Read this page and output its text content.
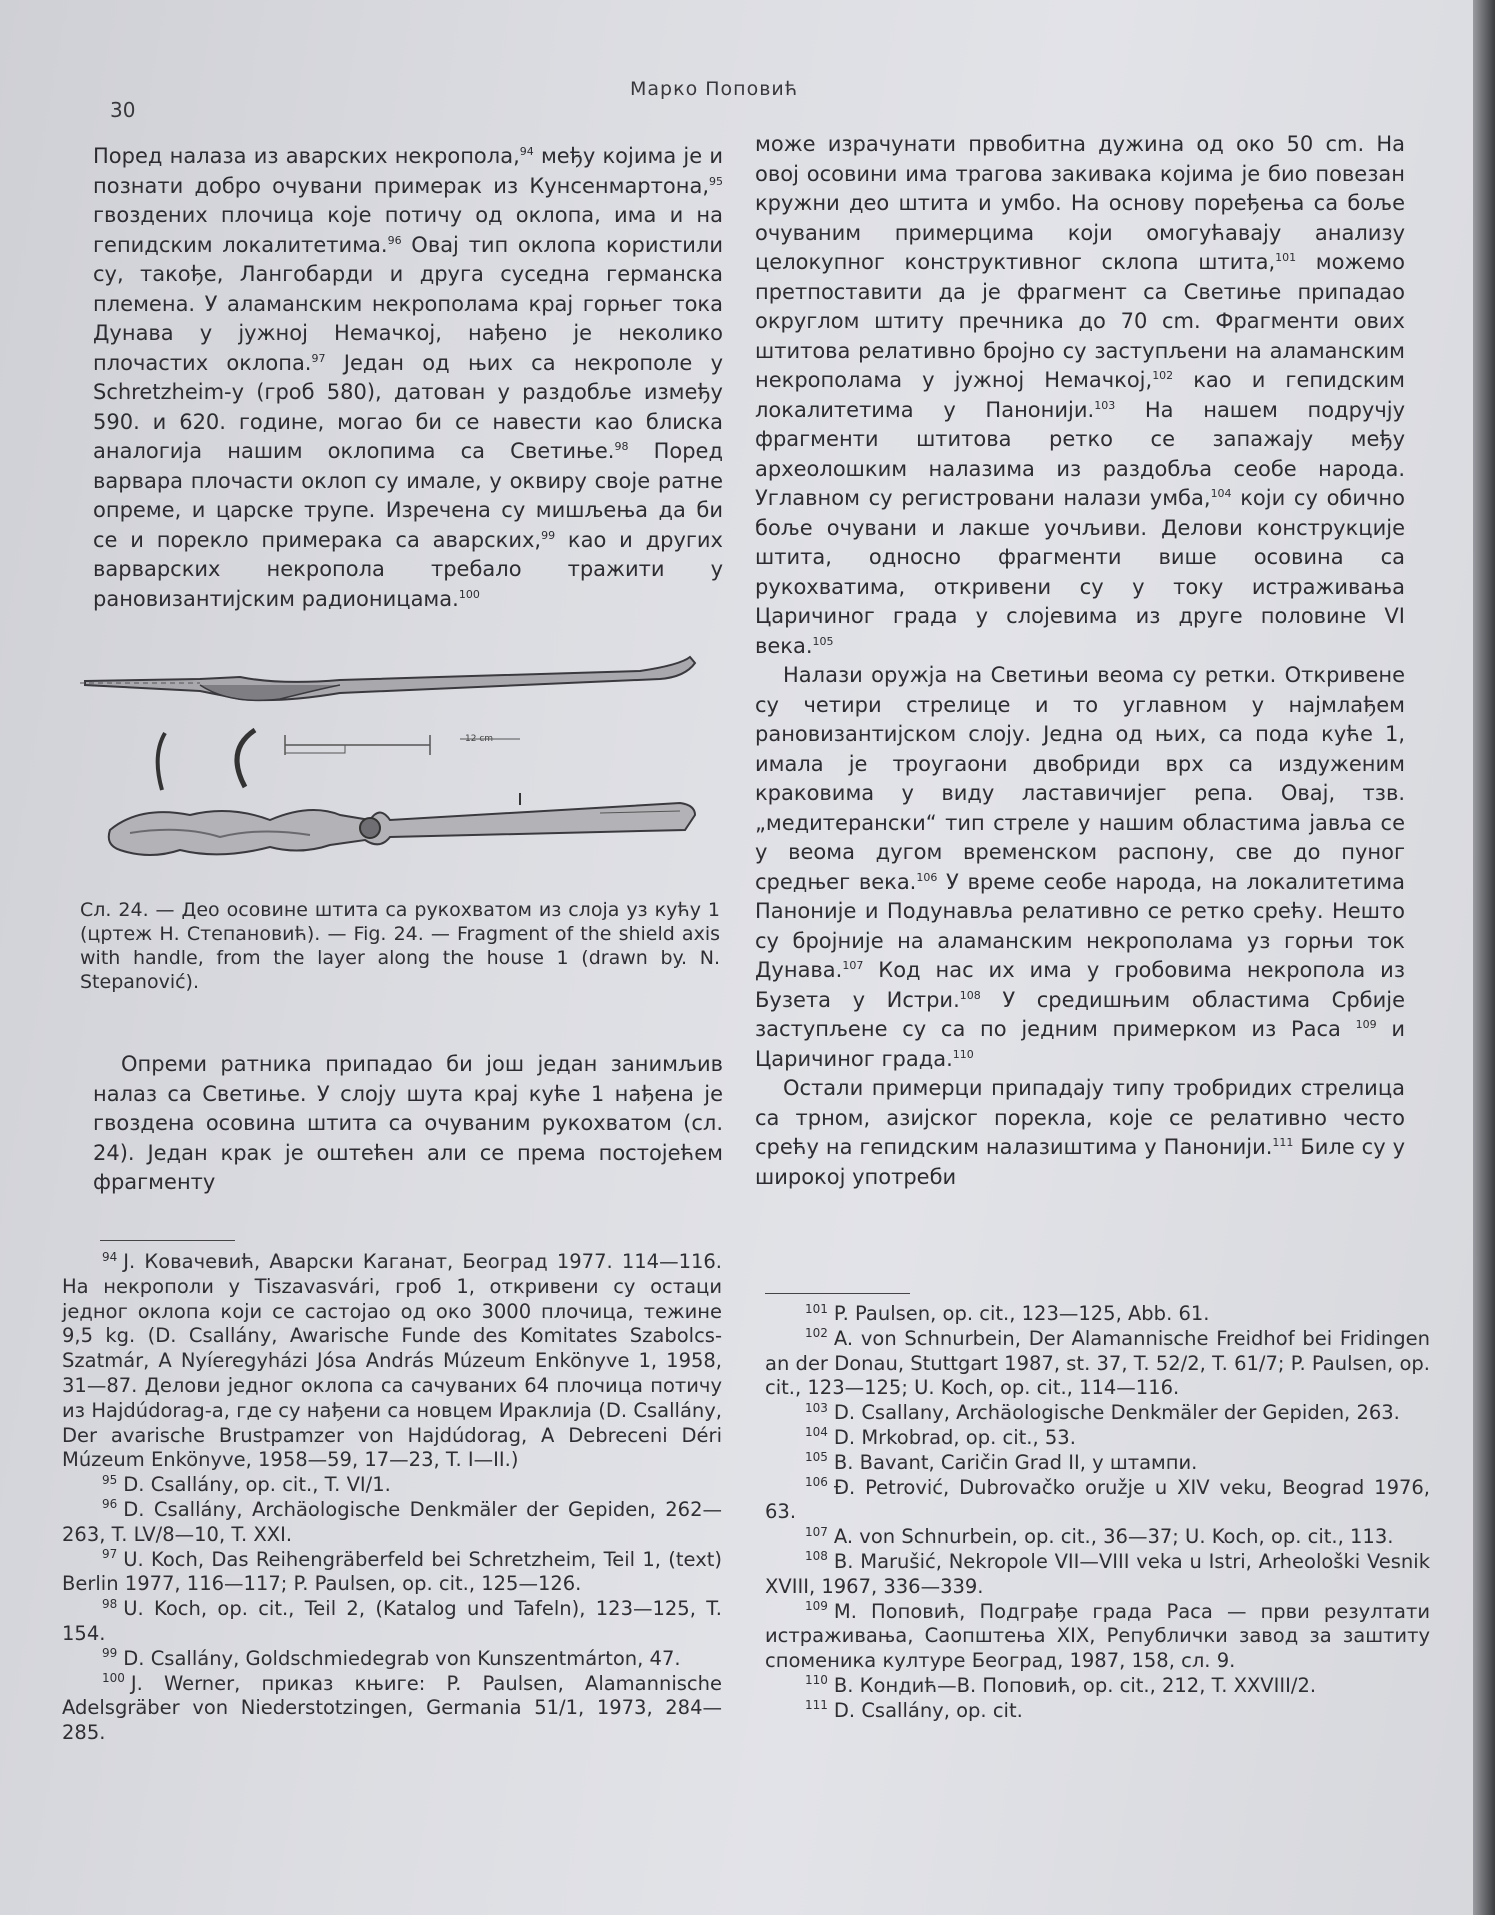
Марко Поповић
30

Поред налаза из аварских некропола,$^{94}$ међу којима је и познати добро очувани примерак из Кунсенмартона,$^{95}$ гвоздених плочица које потичу од оклопа, има и на гепидским локалитетима.$^{96}$ Овај тип оклопа користили су, такође, Лангобарди и друга суседна германска племена. У аламанским некрополама крај горњег тока Дунава у јужној Немачкој, нађено је неколико плочастих оклопа.$^{97}$ Један од њих са некрополе у Schretzheim-у (гроб 580), датован у раздобље између 590. и 620. године, могао би се навести као блиска аналогија нашим оклопима са Светиње.$^{98}$ Поред варвара плочасти оклоп су имале, у оквиру своје ратне опреме, и царске трупе. Изречена су мишљења да би се и порекло примерака са аварских,$^{99}$ као и других варварских некропола требало тражити у рановизантијским радионицама.$^{100}$

12 cm
Сл. 24. — Део осовине штита са рукохватом из слоја уз кућу 1 (цртеж Н. Степановић). — Fig. 24. — Fragment of the shield axis with handle, from the layer along the house 1 (drawn by. N. Stepanović).

Опреми ратника припадао би још један занимљив налаз са Светиње. У слоју шута крај куће 1 нађена је гвоздена осовина штита са очуваним рукохватом (сл. 24). Један крак је оштећен али се према постојећем фрагменту

може израчунати првобитна дужина од око 50 cm. На овој осовини има трагова закивака којима је био повезан кружни део штита и умбо. На основу поређења са боље очуваним примерцима који омогућавају анализу целокупног конструктивног склопа штита,$^{101}$ можемо претпоставити да је фрагмент са Светиње припадао округлом штиту пречника до 70 cm. Фрагменти ових штитова релативно бројно су заступљени на аламанским некрополама у јужној Немачкој,$^{102}$ као и гепидским локалитетима у Панонији.$^{103}$ На нашем подручју фрагменти штитова ретко се запажају међу археолошким налазима из раздобља сеобе народа. Углавном су регистровани налази умба,$^{104}$ који су обично боље очувани и лакше уочљиви. Делови конструкције штита, односно фрагменти више осовина са рукохватима, откривени су у току истраживања Царичиног града у слојевима из друге половине VI века.$^{105}$

Налази оружја на Светињи веома су ретки. Откривене су четири стрелице и то углавном у најмлађем рановизантијском слоју. Једна од њих, са пода куће 1, имала је троугаони двобриди врх са издуженим краковима у виду ластавичијег репа. Овај, тзв. „медитерански“ тип стреле у нашим областима јавља се у веома дугом временском распону, све до пуног средњег века.$^{106}$ У време сеобе народа, на локалитетима Паноније и Подунавља релативно се ретко срећу. Нешто су бројније на аламанским некрополама уз горњи ток Дунава.$^{107}$ Код нас их има у гробовима некропола из Бузета у Истри.$^{108}$ У средишњим областима Србије заступљене су са по једним примерком из Раса $^{109}$ и Царичиног града.$^{110}$

Остали примерци припадају типу тробридих стрелица са трном, азијског порекла, које се релативно често срећу на гепидским налазиштима у Панонији.$^{111}$ Биле су у широкој употреби

$^{94}$ J. Ковачевић, Аварски Каганат, Београд 1977. 114—116. На некрополи у Tiszavasvári, гроб 1, откривени су остаци једног оклопа који се састојао од око 3000 плочица, тежине 9,5 kg. (D. Csallány, Awarische Funde des Komitates Szabolcs-Szatmár, A Nyíeregyházi Jósa András Múzeum Enkönyve 1, 1958, 31—87. Делови једног оклопа са сачуваних 64 плочица потичу из Hajdúdorag-a, где су нађени са новцем Ираклија (D. Csallány, Der avarische Brustpamzer von Hajdúdorag, A Debreceni Déri Múzeum Enkönyve, 1958—59, 17—23, T. I—II.)

$^{95}$ D. Csallány, op. cit., T. VI/1.

$^{96}$ D. Csallány, Archäologische Denkmäler der Gepiden, 262—263, T. LV/8—10, T. XXI.

$^{97}$ U. Koch, Das Reihengräberfeld bei Schretzheim, Teil 1, (text) Berlin 1977, 116—117; P. Paulsen, op. cit., 125—126.

$^{98}$ U. Koch, op. cit., Teil 2, (Katalog und Tafeln), 123—125, T. 154.

$^{99}$ D. Csallány, Goldschmiedegrab von Kunszentmárton, 47.

$^{100}$ J. Werner, приказ књиге: P. Paulsen, Alamannische Adelsgräber von Niederstotzingen, Germania 51/1, 1973, 284—285.

$^{101}$ P. Paulsen, op. cit., 123—125, Abb. 61.

$^{102}$ A. von Schnurbein, Der Alamannische Freidhof bei Fridingen an der Donau, Stuttgart 1987, st. 37, T. 52/2, T. 61/7; P. Paulsen, op. cit., 123—125; U. Koch, op. cit., 114—116.

$^{103}$ D. Csallany, Archäologische Denkmäler der Gepiden, 263.

$^{104}$ D. Mrkobrad, op. cit., 53.

$^{105}$ B. Bavant, Caričin Grad II, у штампи.

$^{106}$ Đ. Petrović, Dubrovačko oružje u XIV veku, Beograd 1976, 63.

$^{107}$ A. von Schnurbein, op. cit., 36—37; U. Koch, op. cit., 113.

$^{108}$ B. Marušić, Nekropole VII—VIII veka u Istri, Arheološki Vesnik XVIII, 1967, 336—339.

$^{109}$ M. Поповић, Подграђе града Раса — први резултати истраживања, Саопштења XIX, Републички завод за заштиту споменика културе Београд, 1987, 158, сл. 9.

$^{110}$ B. Кондић—B. Поповић, op. cit., 212, T. XXVIII/2.

$^{111}$ D. Csallány, op. cit.
